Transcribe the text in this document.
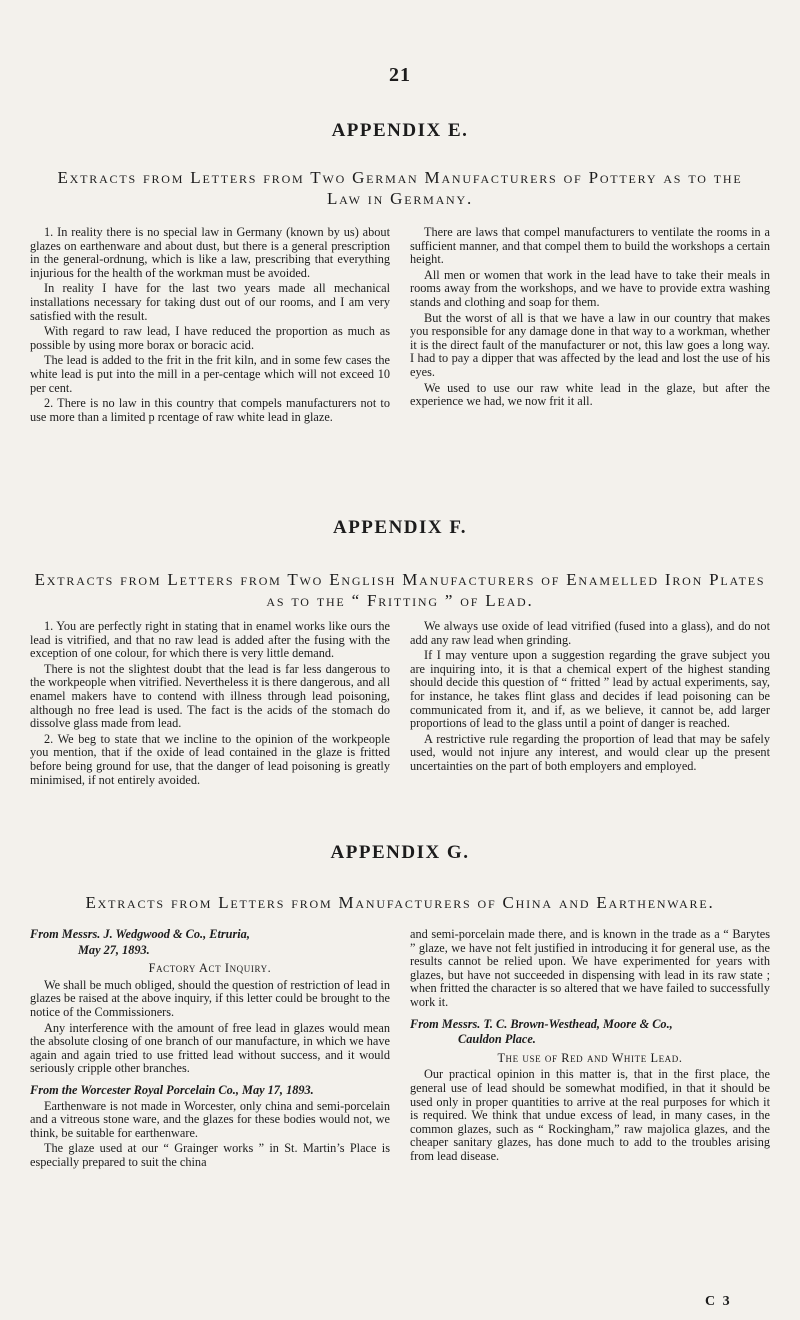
21
APPENDIX E.
Extracts from Letters from Two German Manufacturers of Pottery as to the
Law in Germany.

1. In reality there is no special law in Germany (known by us) about glazes on earthenware and about dust, but there is a general prescription in the general-ordnung, which is like a law, prescribing that everything injurious for the health of the workman must be avoided.

In reality I have for the last two years made all mechanical installations necessary for taking dust out of our rooms, and I am very satisfied with the result.

With regard to raw lead, I have reduced the proportion as much as possible by using more borax or boracic acid.

The lead is added to the frit in the frit kiln, and in some few cases the white lead is put into the mill in a per-centage which will not exceed 10 per cent.

2. There is no law in this country that compels manufacturers not to use more than a limited p rcentage of raw white lead in glaze.

There are laws that compel manufacturers to ventilate the rooms in a sufficient manner, and that compel them to build the workshops a certain height.

All men or women that work in the lead have to take their meals in rooms away from the workshops, and we have to provide extra washing stands and clothing and soap for them.

But the worst of all is that we have a law in our country that makes you responsible for any damage done in that way to a workman, whether it is the direct fault of the manufacturer or not, this law goes a long way. I had to pay a dipper that was affected by the lead and lost the use of his eyes.

We used to use our raw white lead in the glaze, but after the experience we had, we now frit it all.

APPENDIX F.
Extracts from Letters from Two English Manufacturers of Enamelled Iron Plates
as to the “ Fritting ” of Lead.

1. You are perfectly right in stating that in enamel works like ours the lead is vitrified, and that no raw lead is added after the fusing with the exception of one colour, for which there is very little demand.

There is not the slightest doubt that the lead is far less dangerous to the workpeople when vitrified. Nevertheless it is there dangerous, and all enamel makers have to contend with illness through lead poisoning, although no free lead is used. The fact is the acids of the stomach do dissolve glass made from lead.

2. We beg to state that we incline to the opinion of the workpeople you mention, that if the oxide of lead contained in the glaze is fritted before being ground for use, that the danger of lead poisoning is greatly minimised, if not entirely avoided.

We always use oxide of lead vitrified (fused into a glass), and do not add any raw lead when grinding.

If I may venture upon a suggestion regarding the grave subject you are inquiring into, it is that a chemical expert of the highest standing should decide this question of “ fritted ” lead by actual experiments, say, for instance, he takes flint glass and decides if lead poisoning can be communicated from it, and if, as we believe, it cannot be, add larger proportions of lead to the glass until a point of danger is reached.

A restrictive rule regarding the proportion of lead that may be safely used, would not injure any interest, and would clear up the present uncertainties on the part of both employers and employed.

APPENDIX G.
Extracts from Letters from Manufacturers of China and Earthenware.

From Messrs. J. Wedgwood & Co., Etruria,

May 27, 1893.

Factory Act Inquiry.

We shall be much obliged, should the question of restriction of lead in glazes be raised at the above inquiry, if this letter could be brought to the notice of the Commissioners.

Any interference with the amount of free lead in glazes would mean the absolute closing of one branch of our manufacture, in which we have again and again tried to use fritted lead without success, and it would seriously cripple other branches.

From the Worcester Royal Porcelain Co., May 17, 1893.

Earthenware is not made in Worcester, only china and semi-porcelain and a vitreous stone ware, and the glazes for these bodies would not, we think, be suitable for earthenware.

The glaze used at our “ Grainger works ” in St. Martin’s Place is especially prepared to suit the china

and semi-porcelain made there, and is known in the trade as a “ Barytes ” glaze, we have not felt justified in introducing it for general use, as the results cannot be relied upon. We have experimented for years with glazes, but have not succeeded in dispensing with lead in its raw state ; when fritted the character is so altered that we have failed to successfully work it.

From Messrs. T. C. Brown-Westhead, Moore & Co.,

Cauldon Place.

The use of Red and White Lead.

Our practical opinion in this matter is, that in the first place, the general use of lead should be somewhat modified, in that it should be used only in proper quantities to arrive at the real purposes for which it is required. We think that undue excess of lead, in many cases, in the common glazes, such as “ Rockingham,” raw majolica glazes, and the cheaper sanitary glazes, has done much to add to the troubles arising from lead disease.

C 3
